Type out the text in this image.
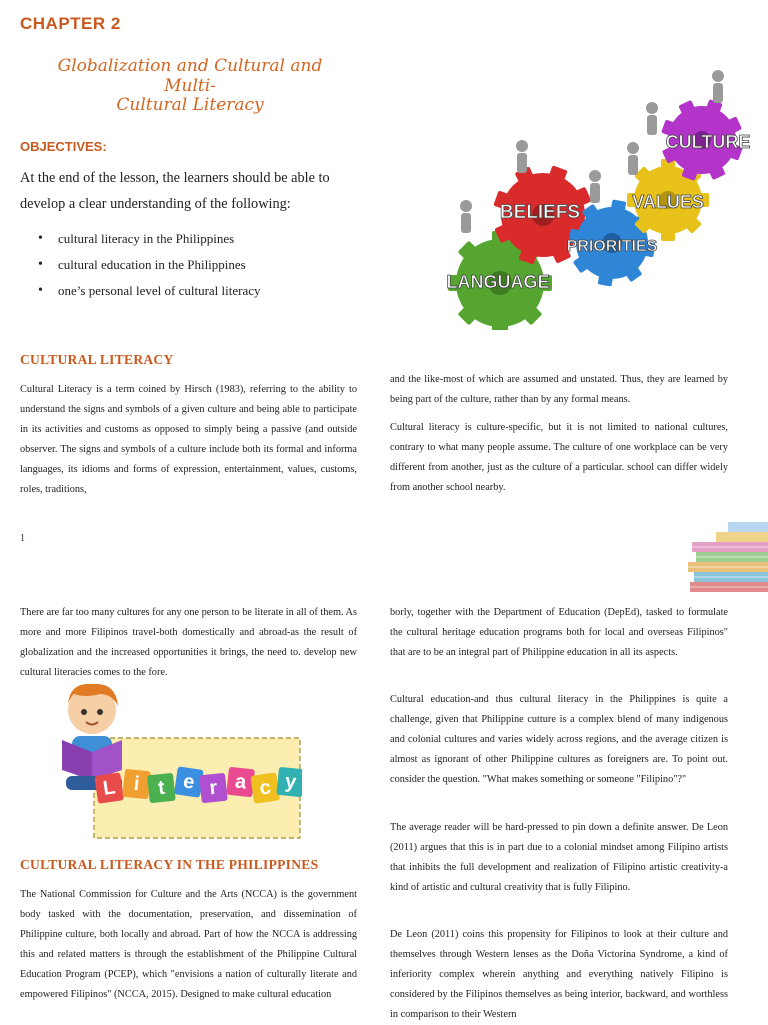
CHAPTER 2
Globalization and Cultural and Multi-
Cultural Literacy
OBJECTIVES:
At the end of the lesson, the learners should be able to develop a clear understanding of the following:
• cultural literacy in the Philippines
• cultural education in the Philippines
• one’s personal level of cultural literacy
CULTURE
BELIEFS	VALUES
PRIORITIES
LANGUAGE
CULTURAL LITERACY
Cultural Literacy is a term coined by Hirsch (1983), referring to the ability to understand the signs and symbols of a given culture and being able to participate in its activities and customs as opposed to simply being a passive (and outside observer. The signs and symbols of a culture include both its formal and informa languages, its idioms and forms of expression, entertainment, values, customs, roles, traditions,
and the like-most of which are assumed and unstated. Thus, they are learned by being part of the culture, rather than by any formal means.
Cultural literacy is culture-specific, but it is not limited to national cultures, contrary to what many people assume. The culture of one workplace can be very different from another, just as the culture of a particular. school can differ widely from another school nearby.
1
There are far too many cultures for any one person to be literate in all of them. As more and more Filipinos travel-both domestically and abroad-as the result of globalization and the increased opportunities it brings, the need to. develop new cultural literacies comes to the fore.
L i t e r a c y
CULTURAL LITERACY IN THE PHILIPPINES
The National Commission for Culture and the Arts (NCCA) is the government body tasked with the documentation, preservation, and dissemination of Philippine culture, both locally and abroad. Part of how the NCCA is addressing this and related matters is through the establishment of the Philippine Cultural Education Program (PCEP), which "envisions a nation of culturally literate and empowered Filipinos" (NCCA, 2015). Designed to make cultural education
borly, together with the Department of Education (DepEd), tasked to formulate the cultural heritage education programs both for local and overseas Filipinos" that are to be an integral part of Philippine education in all its aspects.
Cultural education-and thus cultural literacy in the Philippines is quite a challenge, given that Philippine cutture is a complex blend of many indigenous and colonial cultures and varies widely across regions, and the average citizen is almost as ignorant of other Philippine cultures as foreigners are. To point out. consider the question. "What makes something or someone "Filipino"?"
The average reader will be hard-pressed to pin down a definite answer. De Leon (2011) argues that this is in part due to a colonial mindset among Filipino artists that inhibits the full development and realization of Filipino artistic creativity-a kind of artistic and cultural creativity that is fully Filipino.
De Leon (2011) coins this propensity for Filipinos to look at their culture and themselves through Western lenses as the Doña Victorina Syndrome, a kind of inferiority complex wherein anything and everything natively Filipino is considered by the Filipinos themselves as being interior, backward, and worthless in comparison to their Western
